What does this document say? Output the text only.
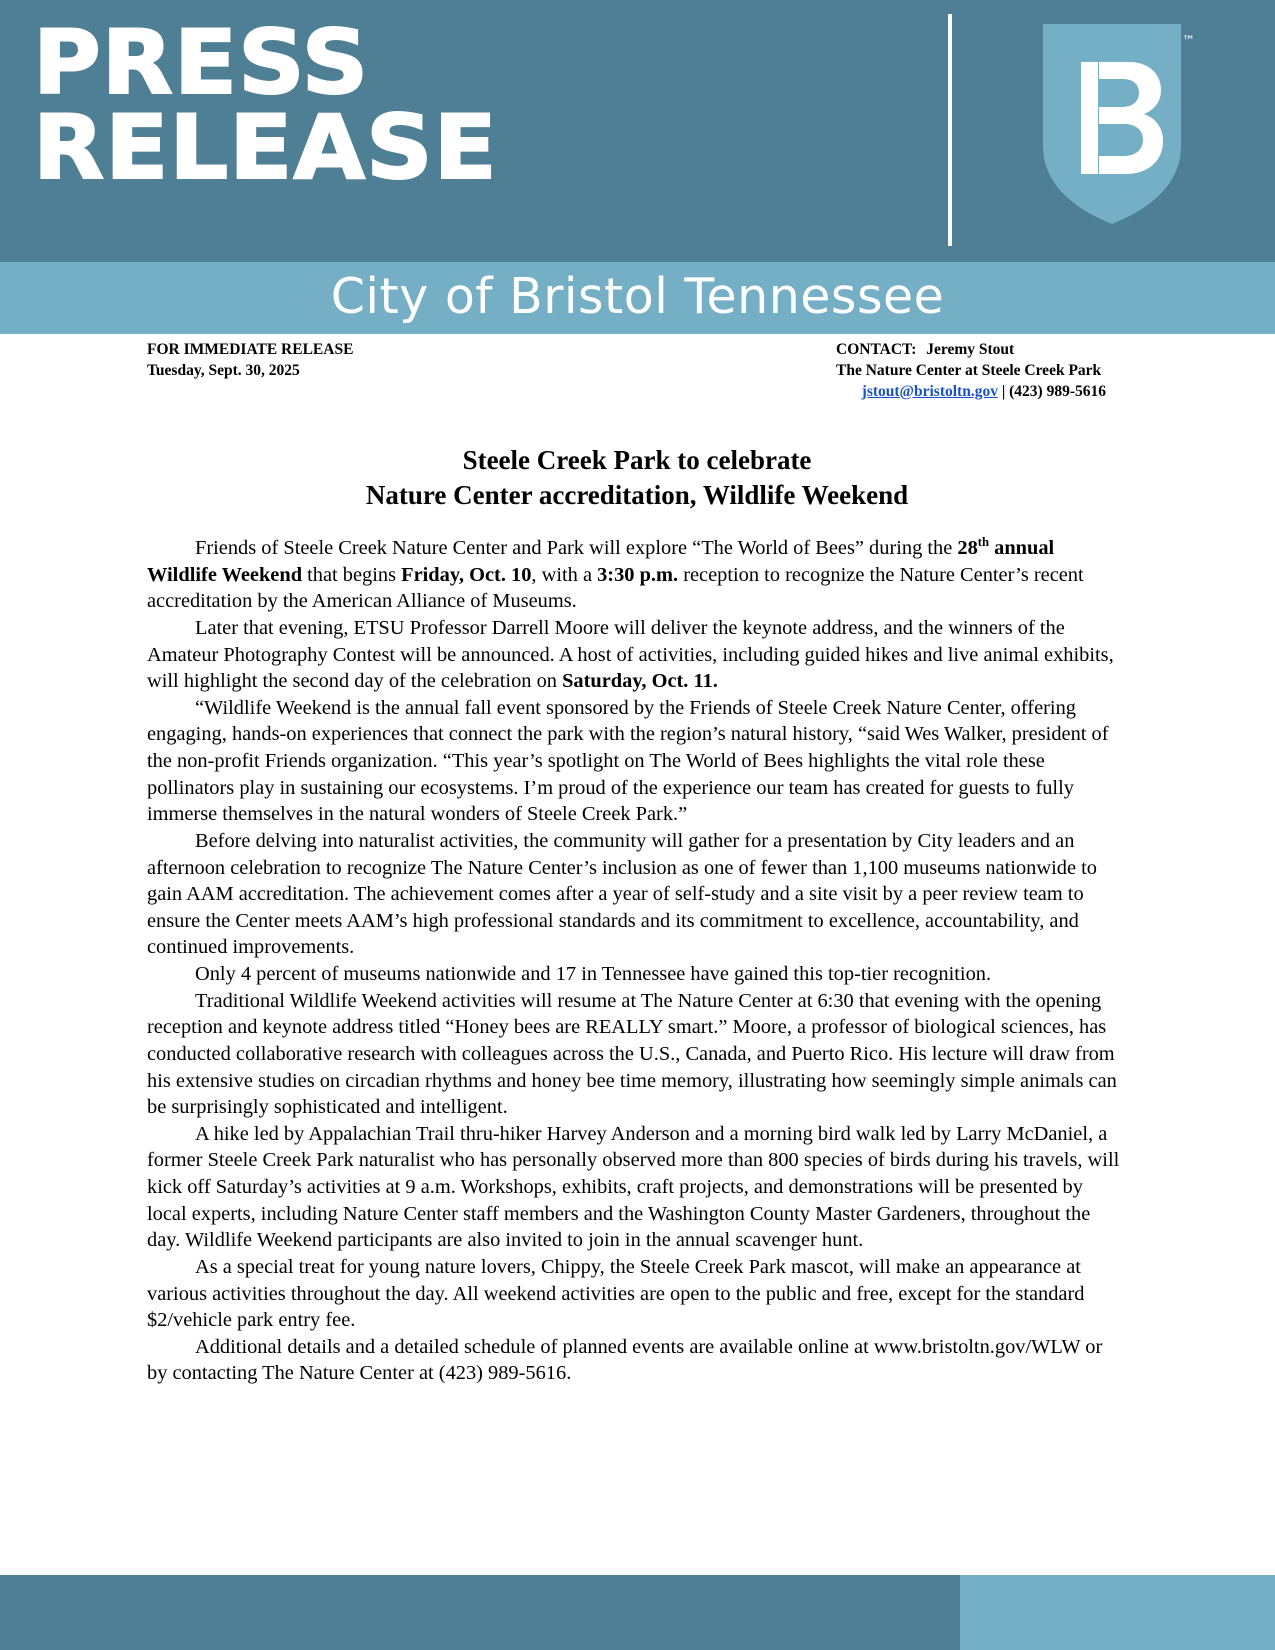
PRESS
RELEASE
™
City of Bristol Tennessee
FOR IMMEDIATE RELEASE
Tuesday, Sept. 30, 2025
CONTACT: Jeremy Stout
The Nature Center at Steele Creek Park
jstout@bristoltn.gov | (423) 989-5616
Steele Creek Park to celebrate
Nature Center accreditation, Wildlife Weekend

Friends of Steele Creek Nature Center and Park will explore “The World of Bees” during the 28th annual Wildlife Weekend that begins Friday, Oct. 10, with a 3:30 p.m. reception to recognize the Nature Center’s recent accreditation by the American Alliance of Museums.

Later that evening, ETSU Professor Darrell Moore will deliver the keynote address, and the winners of the Amateur Photography Contest will be announced. A host of activities, including guided hikes and live animal exhibits, will highlight the second day of the celebration on Saturday, Oct. 11.

“Wildlife Weekend is the annual fall event sponsored by the Friends of Steele Creek Nature Center, offering engaging, hands-on experiences that connect the park with the region’s natural history, “said Wes Walker, president of the non-profit Friends organization. “This year’s spotlight on The World of Bees highlights the vital role these pollinators play in sustaining our ecosystems. I’m proud of the experience our team has created for guests to fully immerse themselves in the natural wonders of Steele Creek Park.”

Before delving into naturalist activities, the community will gather for a presentation by City leaders and an afternoon celebration to recognize The Nature Center’s inclusion as one of fewer than 1,100 museums nationwide to gain AAM accreditation. The achievement comes after a year of self-study and a site visit by a peer review team to ensure the Center meets AAM’s high professional standards and its commitment to excellence, accountability, and continued improvements.

Only 4 percent of museums nationwide and 17 in Tennessee have gained this top-tier recognition.

Traditional Wildlife Weekend activities will resume at The Nature Center at 6:30 that evening with the opening reception and keynote address titled “Honey bees are REALLY smart.” Moore, a professor of biological sciences, has conducted collaborative research with colleagues across the U.S., Canada, and Puerto Rico. His lecture will draw from his extensive studies on circadian rhythms and honey bee time memory, illustrating how seemingly simple animals can be surprisingly sophisticated and intelligent.

A hike led by Appalachian Trail thru-hiker Harvey Anderson and a morning bird walk led by Larry McDaniel, a former Steele Creek Park naturalist who has personally observed more than 800 species of birds during his travels, will kick off Saturday’s activities at 9 a.m. Workshops, exhibits, craft projects, and demonstrations will be presented by local experts, including Nature Center staff members and the Washington County Master Gardeners, throughout the day. Wildlife Weekend participants are also invited to join in the annual scavenger hunt.

As a special treat for young nature lovers, Chippy, the Steele Creek Park mascot, will make an appearance at various activities throughout the day. All weekend activities are open to the public and free, except for the standard $2/vehicle park entry fee.

Additional details and a detailed schedule of planned events are available online at www.bristoltn.gov/WLW or by contacting The Nature Center at (423) 989-5616.
